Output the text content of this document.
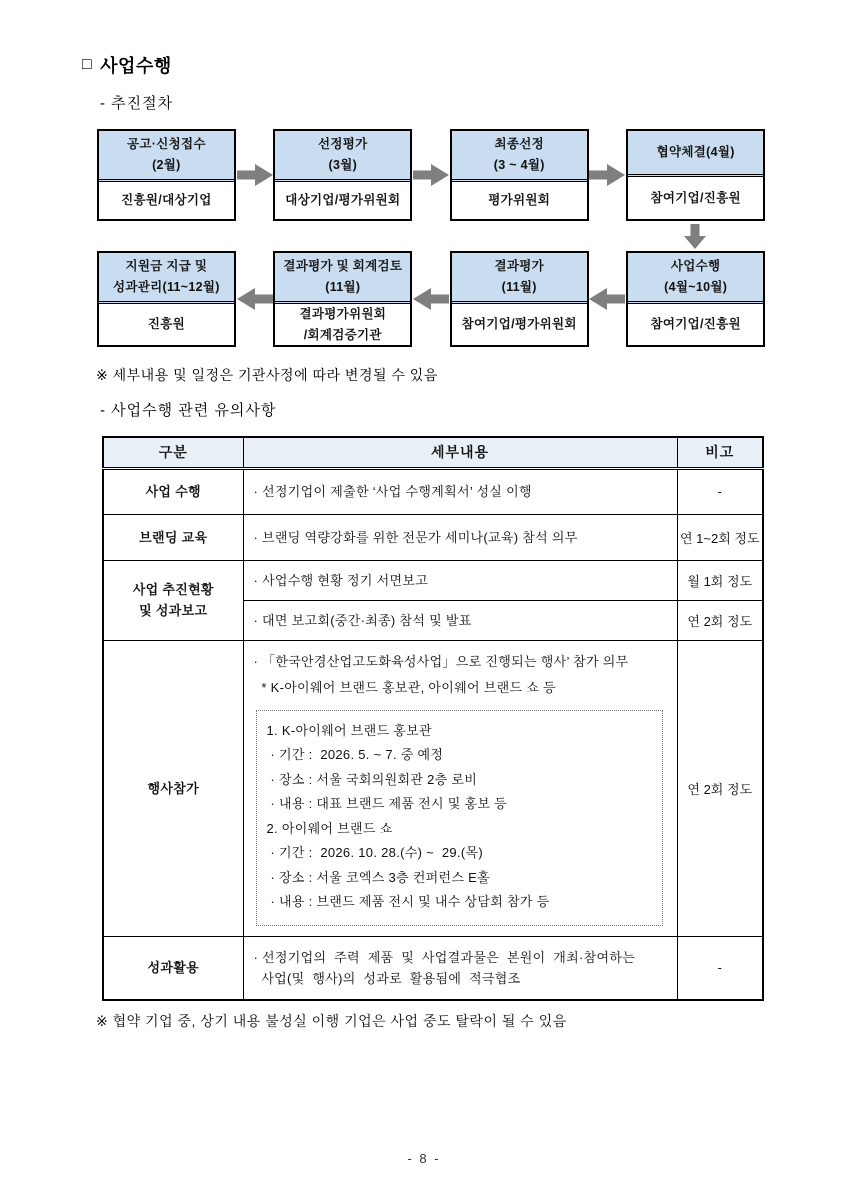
□ 사업수행
- 추진절차
공고·신청접수
(2월)
진흥원/대상기업
선정평가
(3월)
대상기업/평가위원회
최종선정
(3 ~ 4월)
평가위원회
협약체결(4월)
참여기업/진흥원
지원금 지급 및
성과관리(11~12월)
진흥원
결과평가 및 회계검토
(11월)
결과평가위원회
/회계검증기관
결과평가
(11월)
참여기업/평가위원회
사업수행
(4월~10월)
참여기업/진흥원
※ 세부내용 및 일정은 기관사정에 따라 변경될 수 있음
- 사업수행 관련 유의사항
구분	세부내용	비고

사업 수행	· 선정기업이 제출한 ‘사업 수행계획서’ 성실 이행	-

브랜딩 교육	· 브랜딩 역량강화를 위한 전문가 세미나(교육) 참석 의무	연 1~2회 정도

사업 추진현황
및 성과보고	· 사업수행 현황 정기 서면보고	월 1회 정도

	· 대면 보고회(중간·최종) 참석 및 발표	연 2회 정도

행사참가

· 「한국안경산업고도화육성사업」으로 진행되는 행사’ 참가 의무
* K-아이웨어 브랜드 홍보관, 아이웨어 브랜드 쇼 등
1. K-아이웨어 브랜드 홍보관
· 기간 :  2026. 5. ~ 7. 중 예정
· 장소 : 서울 국회의원회관 2층 로비
· 내용 : 대표 브랜드 제품 전시 및 홍보 등
2. 아이웨어 브랜드 쇼
· 기간 :  2026. 10. 28.(수) ~  29.(목)
· 장소 : 서울 코엑스 3층 컨퍼런스 E홀
· 내용 : 브랜드 제품 전시 및 내수 상담회 참가 등
	연 2회 정도

성과활용	· 선정기업의  주력  제품  및  사업결과물은  본원이  개최·참여하는
사업(및  행사)의  성과로  활용됨에  적극협조	-
※ 협약 기업 중, 상기 내용 불성실 이행 기업은 사업 중도 탈락이 될 수 있음
- 8 -
